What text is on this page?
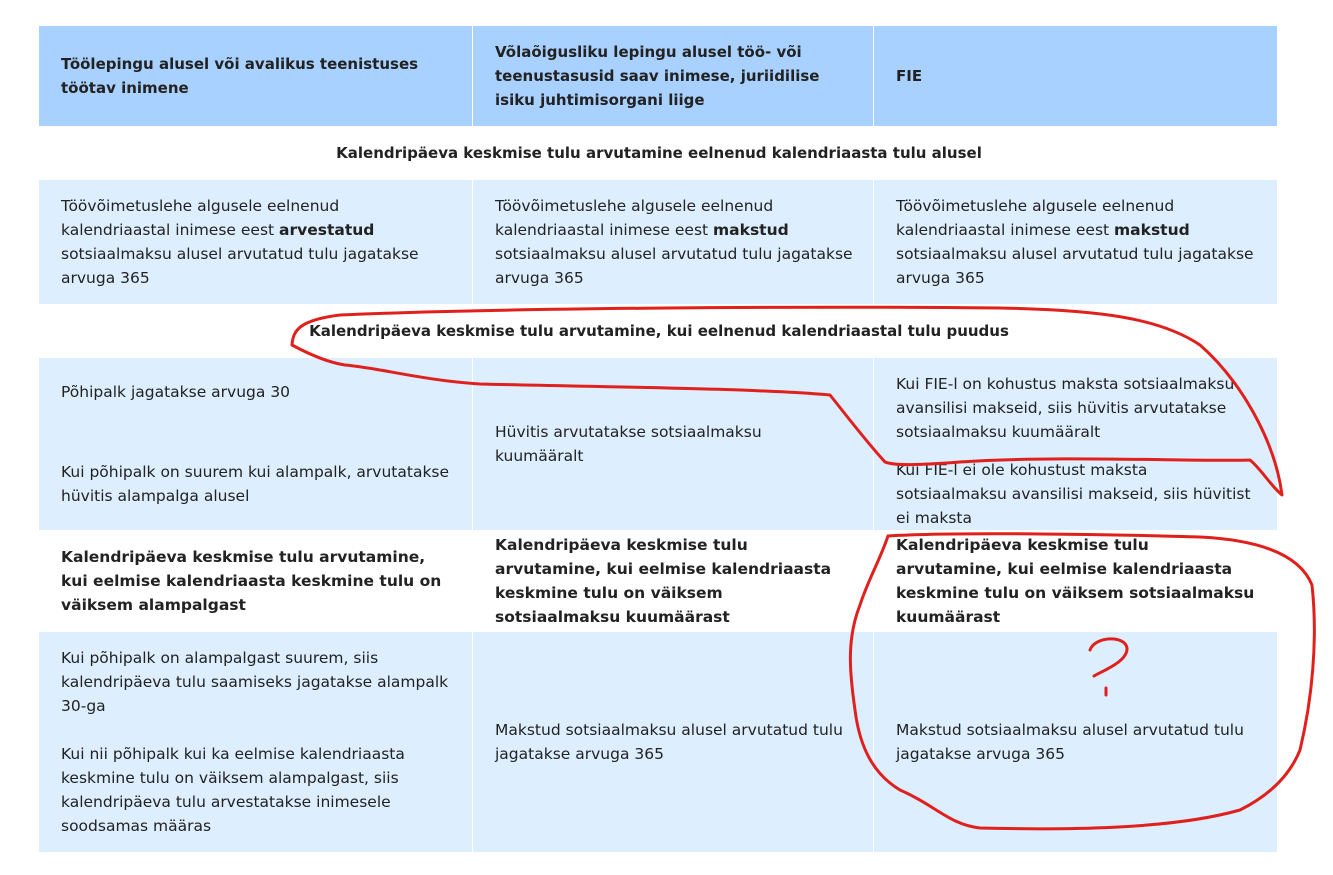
Töölepingu alusel või avalikus teenistuses töötav inimene
Võlaõigusliku lepingu alusel töö- või teenustasusid saav inimese, juriidilise isiku juhtimisorgani liige
FIE
Kalendripäeva keskmise tulu arvutamine eelnenud kalendriaasta tulu alusel
Töövõimetuslehe algusele eelnenud kalendriaastal inimese eest arvestatud sotsiaalmaksu alusel arvutatud tulu jagatakse arvuga 365
Töövõimetuslehe algusele eelnenud kalendriaastal inimese eest makstud sotsiaalmaksu alusel arvutatud tulu jagatakse arvuga 365
Töövõimetuslehe algusele eelnenud kalendriaastal inimese eest makstud sotsiaalmaksu alusel arvutatud tulu jagatakse arvuga 365
Kalendripäeva keskmise tulu arvutamine, kui eelnenud kalendriaastal tulu puudus
Põhipalk jagatakse arvuga 30
Kui põhipalk on suurem kui alampalk, arvutatakse hüvitis alampalga alusel
Hüvitis arvutatakse sotsiaalmaksu kuumääralt
Kui FIE-l on kohustus maksta sotsiaalmaksu avansilisi makseid, siis hüvitis arvutatakse sotsiaalmaksu kuumääralt
Kui FIE-l ei ole kohustust maksta sotsiaalmaksu avansilisi makseid, siis hüvitist ei maksta
Kalendripäeva keskmise tulu arvutamine, kui eelmise kalendriaasta keskmine tulu on väiksem alampalgast
Kalendripäeva keskmise tulu arvutamine, kui eelmise kalendriaasta keskmine tulu on väiksem sotsiaalmaksu kuumäärast
Kalendripäeva keskmise tulu arvutamine, kui eelmise kalendriaasta keskmine tulu on väiksem sotsiaalmaksu kuumäärast
Kui põhipalk on alampalgast suurem, siis kalendripäeva tulu saamiseks jagatakse alampalk 30-ga
Kui nii põhipalk kui ka eelmise kalendriaasta keskmine tulu on väiksem alampalgast, siis kalendripäeva tulu arvestatakse inimesele soodsamas määras
Makstud sotsiaalmaksu alusel arvutatud tulu jagatakse arvuga 365
Makstud sotsiaalmaksu alusel arvutatud tulu jagatakse arvuga 365
